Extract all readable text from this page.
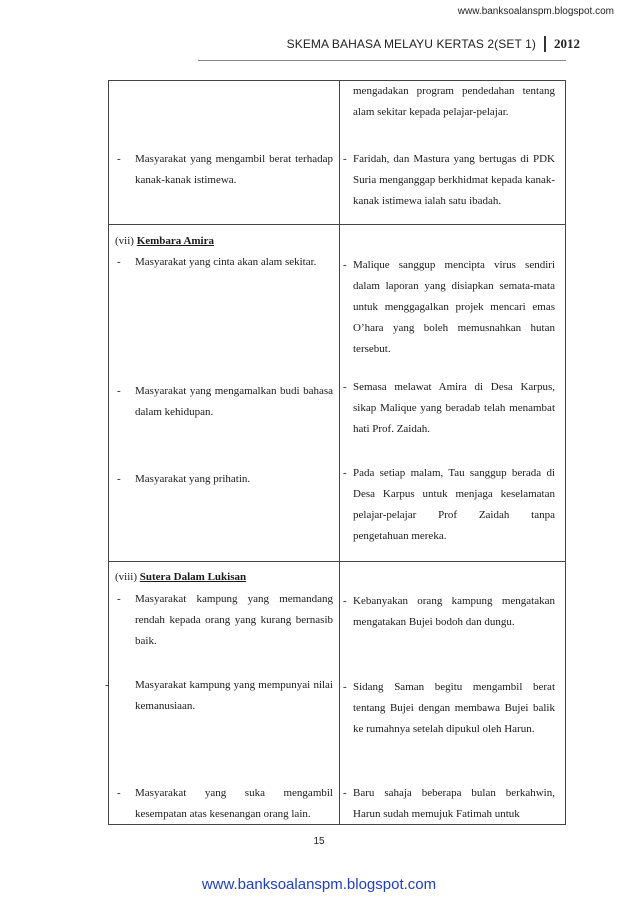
www.banksoalanspm.blogspot.com
SKEMA BAHASA MELAYU KERTAS 2(SET 1) 2012
mengadakan program pendedahan tentang alam sekitar kepada pelajar-pelajar.
- Masyarakat yang mengambil berat terhadap kanak-kanak istimewa.
- Faridah, dan Mastura yang bertugas di PDK Suria menganggap berkhidmat kepada kanak-kanak istimewa ialah satu ibadah.
(vii) Kembara Amira
- Masyarakat yang cinta akan alam sekitar.	- Malique sanggup mencipta virus sendiri dalam laporan yang disiapkan semata-mata untuk menggagalkan projek mencari emas O’hara yang boleh memusnahkan hutan tersebut.
- Masyarakat yang mengamalkan budi bahasa dalam kehidupan.
- Semasa melawat Amira di Desa Karpus, sikap Malique yang beradab telah menambat hati Prof. Zaidah.
- Masyarakat yang prihatin.	- Pada setiap malam, Tau sanggup berada di Desa Karpus untuk menjaga keselamatan pelajar-pelajar Prof Zaidah tanpa pengetahuan mereka.
(viii) Sutera Dalam Lukisan
- Masyarakat kampung yang memandang rendah kepada orang yang kurang bernasib baik.
- Kebanyakan orang kampung mengatakan mengatakan Bujei bodoh dan dungu.
- Masyarakat kampung yang mempunyai nilai kemanusiaan.
- Sidang Saman begitu mengambil berat tentang Bujei dengan membawa Bujei balik ke rumahnya setelah dipukul oleh Harun.
- Masyarakat yang suka mengambil kesempatan atas kesenangan orang lain.
- Baru sahaja beberapa bulan berkahwin, Harun sudah memujuk Fatimah untuk
15
www.banksoalanspm.blogspot.com
